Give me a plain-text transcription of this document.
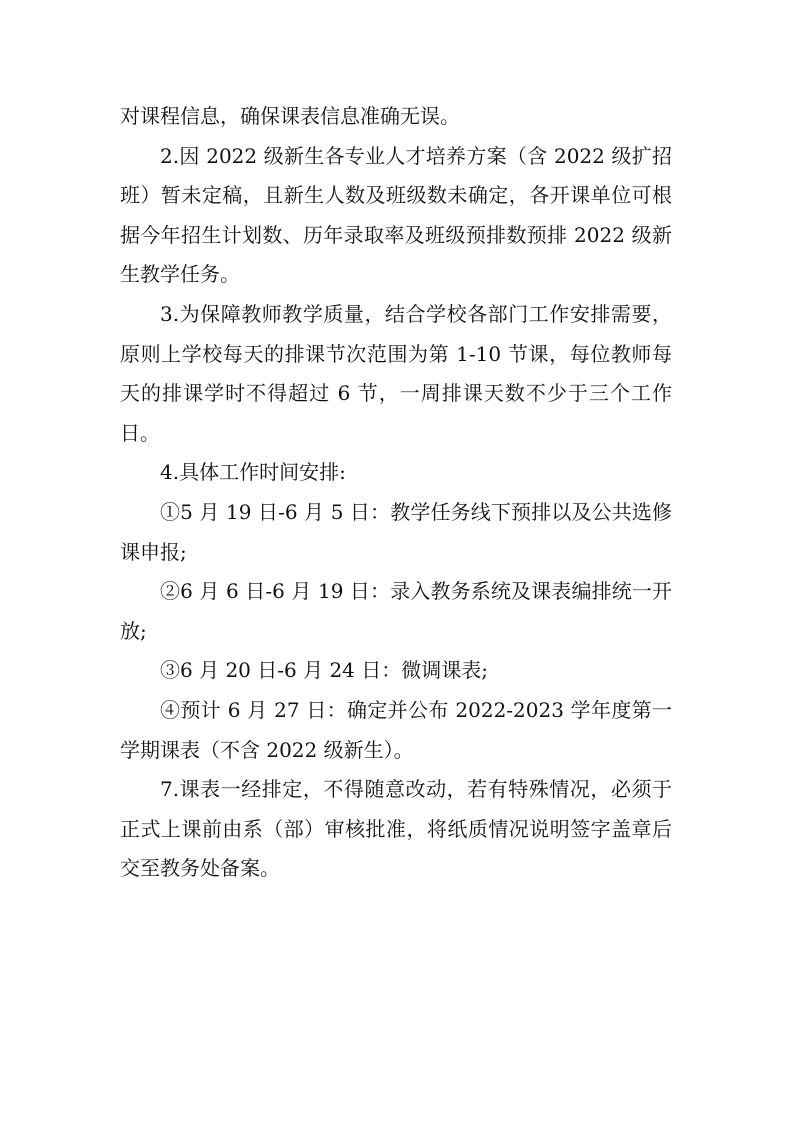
对课程信息，确保课表信息准确无误。

2.因 2022 级新生各专业人才培养方案（含 2022 级扩招班）暂未定稿，且新生人数及班级数未确定，各开课单位可根据今年招生计划数、历年录取率及班级预排数预排 2022 级新生教学任务。

3.为保障教师教学质量，结合学校各部门工作安排需要，原则上学校每天的排课节次范围为第 1-10 节课，每位教师每天的排课学时不得超过 6 节，一周排课天数不少于三个工作日。

4.具体工作时间安排:

①5 月 19 日-6 月 5 日：教学任务线下预排以及公共选修课申报;

②6 月 6 日-6 月 19 日：录入教务系统及课表编排统一开放;

③6 月 20 日-6 月 24 日：微调课表;

④预计 6 月 27 日：确定并公布 2022-2023 学年度第一学期课表（不含 2022 级新生）。

7.课表一经排定，不得随意改动，若有特殊情况，必须于正式上课前由系（部）审核批准，将纸质情况说明签字盖章后交至教务处备案。
